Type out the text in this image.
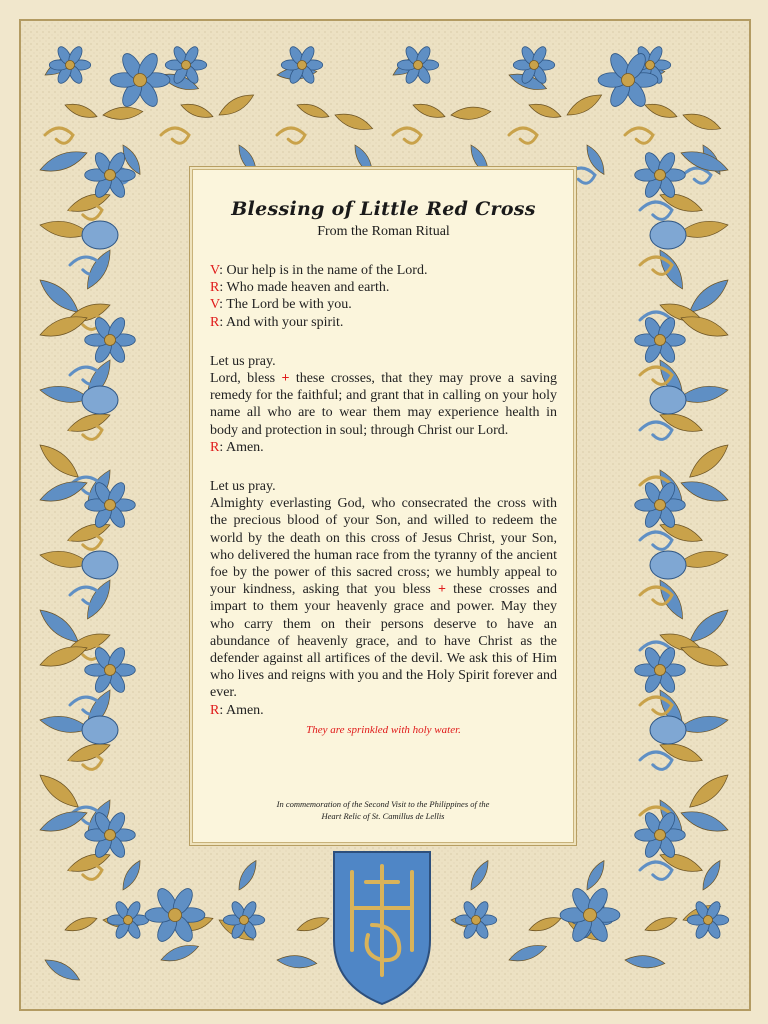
Blessing of Little Red Cross
From the Roman Ritual
V: Our help is in the name of the Lord.
R: Who made heaven and earth.
V: The Lord be with you.
R: And with your spirit.
Let us pray.
Lord, bless + these crosses, that they may prove a saving remedy for the faithful; and grant that in calling on your holy name all who are to wear them may experience health in body and protection in soul; through Christ our Lord.
R: Amen.
Let us pray.
Almighty everlasting God, who consecrated the cross with the precious blood of your Son, and willed to redeem the world by the death on this cross of Jesus Christ, your Son, who delivered the human race from the tyranny of the ancient foe by the power of this sacred cross; we humbly appeal to your kindness, asking that you bless + these crosses and impart to them your heavenly grace and power. May they who carry them on their persons deserve to have an abundance of heavenly grace, and to have Christ as the defender against all artifices of the devil. We ask this of Him who lives and reigns with you and the Holy Spirit forever and ever.
R: Amen.
They are sprinkled with holy water.
In commemoration of the Second Visit to the Philippines of the
Heart Relic of St. Camillus de Lellis
